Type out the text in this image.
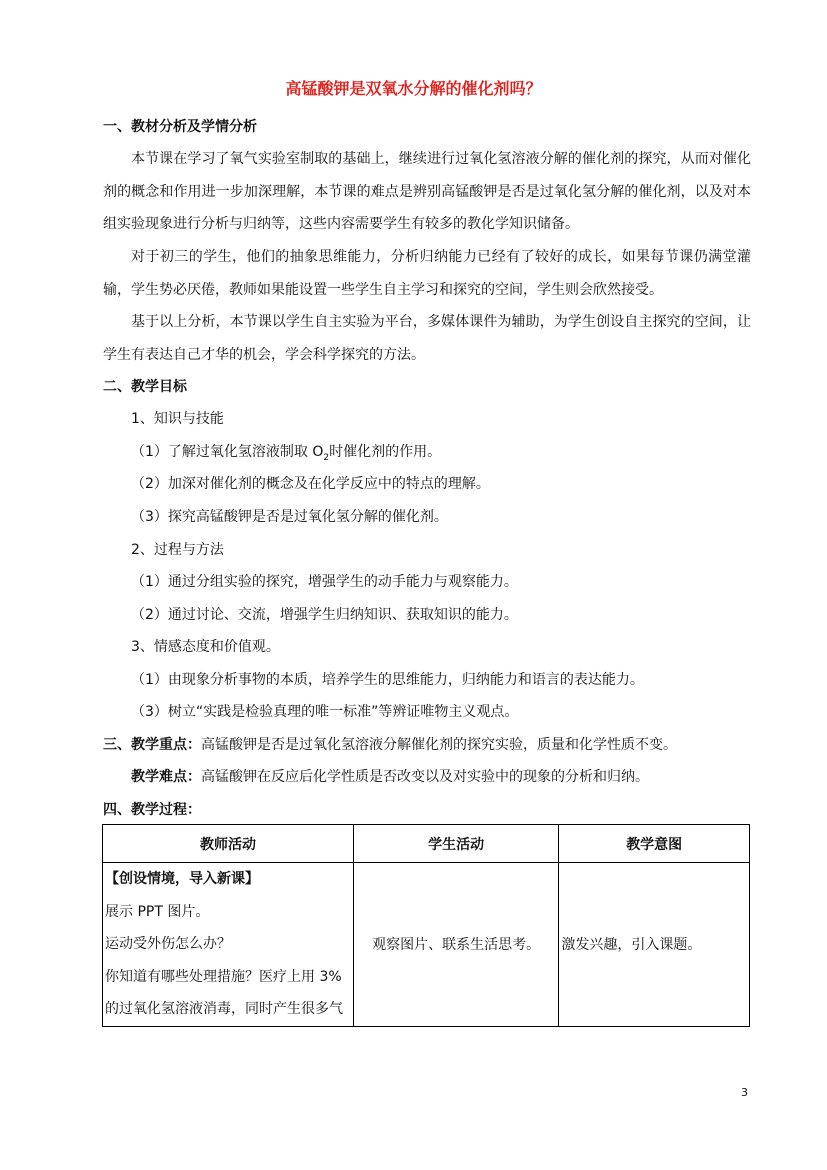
高锰酸钾是双氧水分解的催化剂吗？
一、教材分析及学情分析
本节课在学习了氧气实验室制取的基础上，继续进行过氧化氢溶液分解的催化剂的探究，从而对催化剂的概念和作用进一步加深理解，本节课的难点是辨别高锰酸钾是否是过氧化氢分解的催化剂，以及对本组实验现象进行分析与归纳等，这些内容需要学生有较多的教化学知识储备。
对于初三的学生，他们的抽象思维能力，分析归纳能力已经有了较好的成长，如果每节课仍满堂灌输，学生势必厌倦，教师如果能设置一些学生自主学习和探究的空间，学生则会欣然接受。
基于以上分析，本节课以学生自主实验为平台，多媒体课件为辅助，为学生创设自主探究的空间，让学生有表达自己才华的机会，学会科学探究的方法。
二、教学目标
1、知识与技能
（1）了解过氧化氢溶液制取 $O_2$时催化剂的作用。
（2）加深对催化剂的概念及在化学反应中的特点的理解。
（3）探究高锰酸钾是否是过氧化氢分解的催化剂。
2、过程与方法
（1）通过分组实验的探究，增强学生的动手能力与观察能力。
（2）通过讨论、交流，增强学生归纳知识、获取知识的能力。
3、情感态度和价值观。
（1）由现象分析事物的本质，培养学生的思维能力，归纳能力和语言的表达能力。
（3）树立“实践是检验真理的唯一标准”等辨证唯物主义观点。
三、教学重点：高锰酸钾是否是过氧化氢溶液分解催化剂的探究实验，质量和化学性质不变。
教学难点：高锰酸钾在反应后化学性质是否改变以及对实验中的现象的分析和归纳。
四、教学过程：
教师活动	学生活动	教学意图

【创设情境，导入新课】
展示 PPT 图片。
运动受外伤怎么办？
你知道有哪些处理措施？医疗上用 3%
的过氧化氢溶液消毒，同时产生很多气	观察图片、联系生活思考。	激发兴趣，引入课题。
3
